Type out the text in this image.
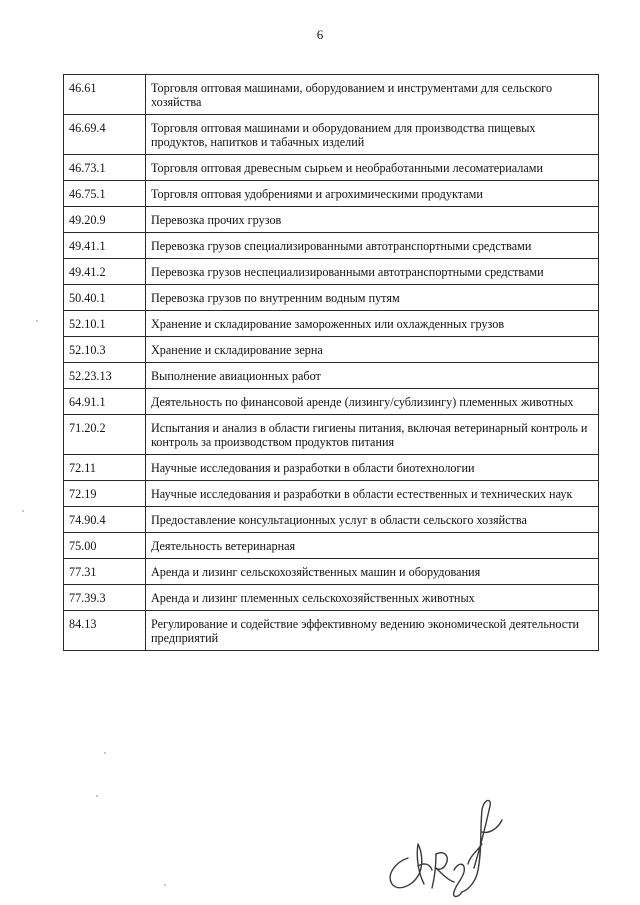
6
46.61	Торговля оптовая машинами, оборудованием и инструментами для сельского хозяйства
46.69.4	Торговля оптовая машинами и оборудованием для производства пищевых продуктов, напитков и табачных изделий
46.73.1	Торговля оптовая древесным сырьем и необработанными лесоматериалами
46.75.1	Торговля оптовая удобрениями и агрохимическими продуктами
49.20.9	Перевозка прочих грузов
49.41.1	Перевозка грузов специализированными автотранспортными средствами
49.41.2	Перевозка грузов неспециализированными автотранспортными средствами
50.40.1	Перевозка грузов по внутренним водным путям
52.10.1	Хранение и складирование замороженных или охлажденных грузов
52.10.3	Хранение и складирование зерна
52.23.13	Выполнение авиационных работ
64.91.1	Деятельность по финансовой аренде (лизингу/сублизингу) племенных животных
71.20.2	Испытания и анализ в области гигиены питания, включая ветеринарный контроль и контроль за производством продуктов питания
72.11	Научные исследования и разработки в области биотехнологии
72.19	Научные исследования и разработки в области естественных и технических наук
74.90.4	Предоставление консультационных услуг в области сельского хозяйства
75.00	Деятельность ветеринарная
77.31	Аренда и лизинг сельскохозяйственных машин и оборудования
77.39.3	Аренда и лизинг племенных сельскохозяйственных животных
84.13	Регулирование и содействие эффективному ведению экономической деятельности предприятий
